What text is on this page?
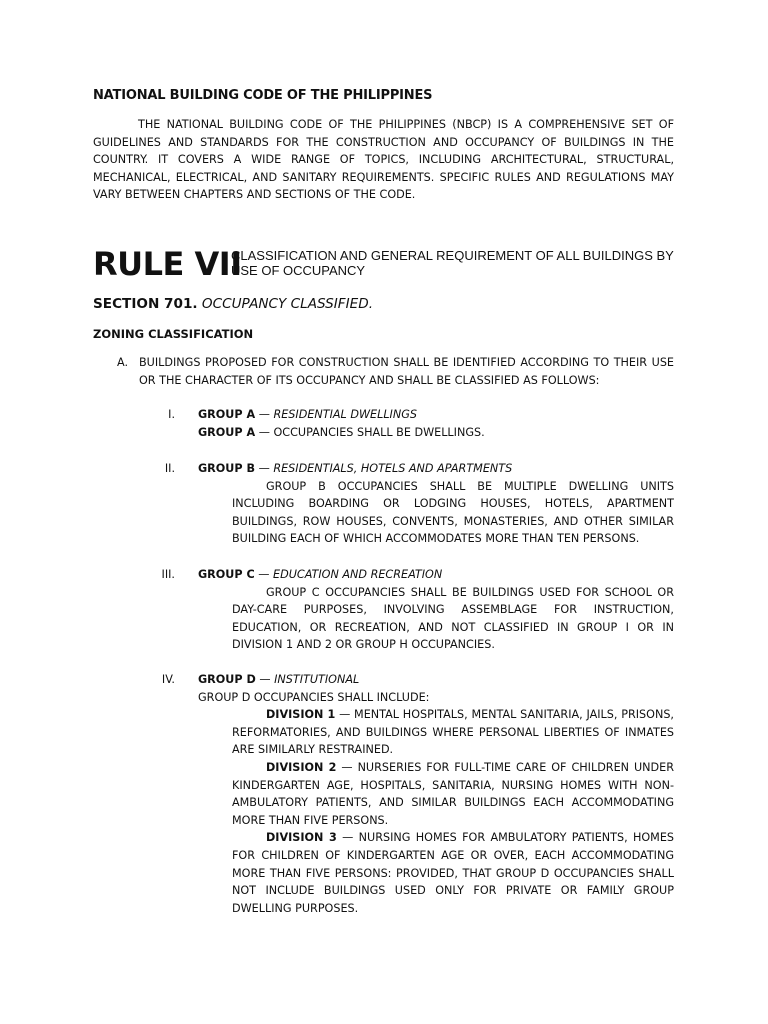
NATIONAL BUILDING CODE OF THE PHILIPPINES

THE NATIONAL BUILDING CODE OF THE PHILIPPINES (NBCP) IS A COMPREHENSIVE SET OF GUIDELINES AND STANDARDS FOR THE CONSTRUCTION AND OCCUPANCY OF BUILDINGS IN THE COUNTRY. IT COVERS A WIDE RANGE OF TOPICS, INCLUDING ARCHITECTURAL, STRUCTURAL, MECHANICAL, ELECTRICAL, AND SANITARY REQUIREMENTS. SPECIFIC RULES AND REGULATIONS MAY VARY BETWEEN CHAPTERS AND SECTIONS OF THE CODE.

RULE VII
CLASSIFICATION AND GENERAL REQUIREMENT OF ALL BUILDINGS BY USE OF OCCUPANCY
SECTION 701. OCCUPANCY CLASSIFIED.
ZONING CLASSIFICATION
A. BUILDINGS PROPOSED FOR CONSTRUCTION SHALL BE IDENTIFIED ACCORDING TO THEIR USE OR THE CHARACTER OF ITS OCCUPANCY AND SHALL BE CLASSIFIED AS FOLLOWS:
I. GROUP A — RESIDENTIAL DWELLINGS
GROUP A — OCCUPANCIES SHALL BE DWELLINGS.
II. GROUP B — RESIDENTIALS, HOTELS AND APARTMENTS
GROUP B OCCUPANCIES SHALL BE MULTIPLE DWELLING UNITS INCLUDING BOARDING OR LODGING HOUSES, HOTELS, APARTMENT BUILDINGS, ROW HOUSES, CONVENTS, MONASTERIES, AND OTHER SIMILAR BUILDING EACH OF WHICH ACCOMMODATES MORE THAN TEN PERSONS.
III. GROUP C — EDUCATION AND RECREATION
GROUP C OCCUPANCIES SHALL BE BUILDINGS USED FOR SCHOOL OR DAY-CARE PURPOSES, INVOLVING ASSEMBLAGE FOR INSTRUCTION, EDUCATION, OR RECREATION, AND NOT CLASSIFIED IN GROUP I OR IN DIVISION 1 AND 2 OR GROUP H OCCUPANCIES.
IV. GROUP D — INSTITUTIONAL
GROUP D OCCUPANCIES SHALL INCLUDE:
DIVISION 1 — MENTAL HOSPITALS, MENTAL SANITARIA, JAILS, PRISONS, REFORMATORIES, AND BUILDINGS WHERE PERSONAL LIBERTIES OF INMATES ARE SIMILARLY RESTRAINED.
DIVISION 2 — NURSERIES FOR FULL-TIME CARE OF CHILDREN UNDER KINDERGARTEN AGE, HOSPITALS, SANITARIA, NURSING HOMES WITH NON-AMBULATORY PATIENTS, AND SIMILAR BUILDINGS EACH ACCOMMODATING MORE THAN FIVE PERSONS.
DIVISION 3 — NURSING HOMES FOR AMBULATORY PATIENTS, HOMES FOR CHILDREN OF KINDERGARTEN AGE OR OVER, EACH ACCOMMODATING MORE THAN FIVE PERSONS: PROVIDED, THAT GROUP D OCCUPANCIES SHALL NOT INCLUDE BUILDINGS USED ONLY FOR PRIVATE OR FAMILY GROUP DWELLING PURPOSES.
